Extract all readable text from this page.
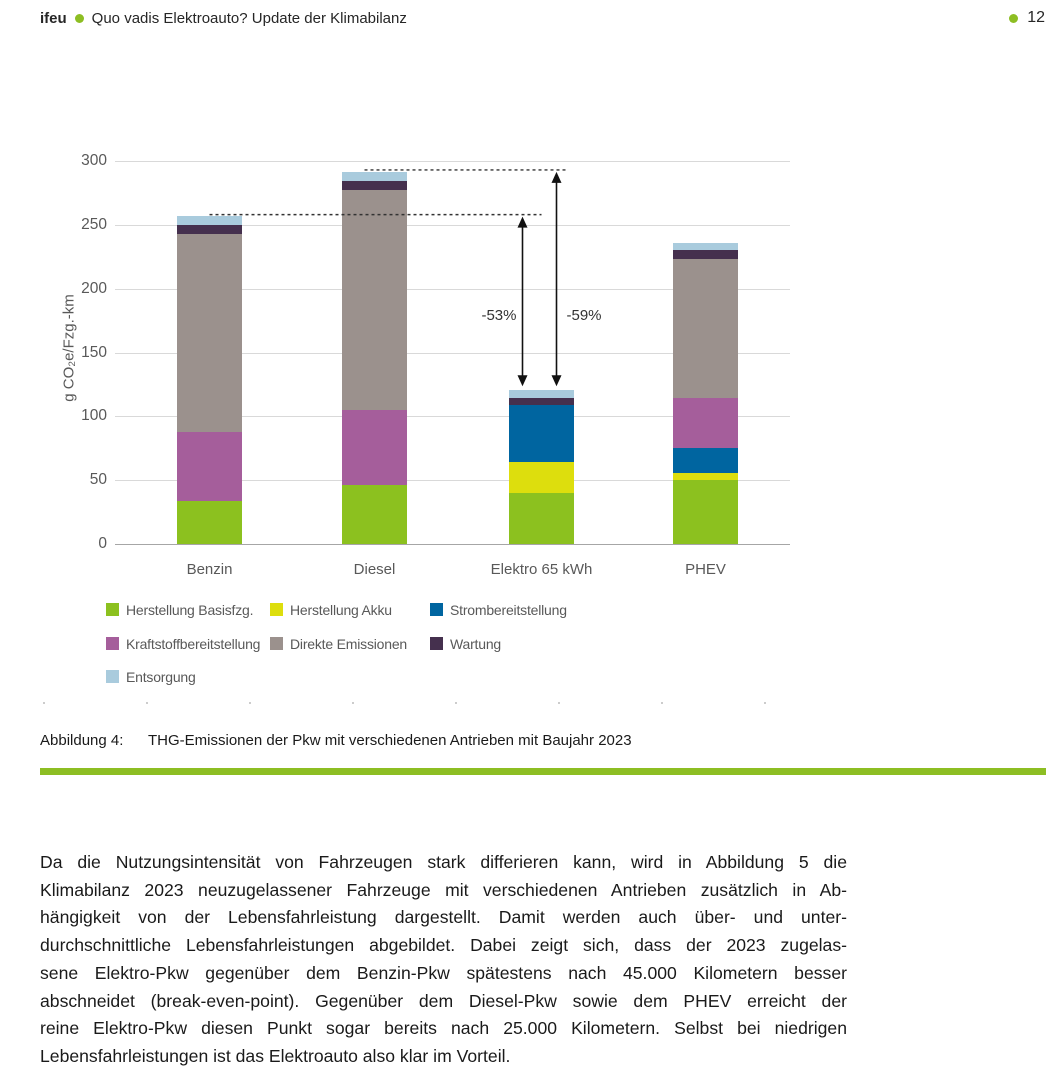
ifeu Quo vadis Elektroauto? Update der Klimabilanz	12
Herstellung Basisfzg.	Herstellung Akku	Strombereitstellung
Kraftstoffbereitstellung Direkte Emissionen	Wartung
Entsorgung
0
50
100
150
200
250
300
g CO₂e/Fzg.-km
Benzin	Diesel	Elektro 65 kWh	PHEV
-53%	-59%
Abbildung 4:	THG-Emissionen der Pkw mit verschiedenen Antrieben mit Baujahr 2023
Da die Nutzungsintensität von Fahrzeugen stark differieren kann, wird in Abbildung 5 die
Klimabilanz 2023 neuzugelassener Fahrzeuge mit verschiedenen Antrieben zusätzlich in Ab-
hängigkeit von der Lebensfahrleistung dargestellt. Damit werden auch über- und unter-
durchschnittliche Lebensfahrleistungen abgebildet. Dabei zeigt sich, dass der 2023 zugelas-
sene Elektro-Pkw gegenüber dem Benzin-Pkw spätestens nach 45.000 Kilometern besser
abschneidet (break-even-point). Gegenüber dem Diesel-Pkw sowie dem PHEV erreicht der
reine Elektro-Pkw diesen Punkt sogar bereits nach 25.000 Kilometern. Selbst bei niedrigen
Lebensfahrleistungen ist das Elektroauto also klar im Vorteil.
